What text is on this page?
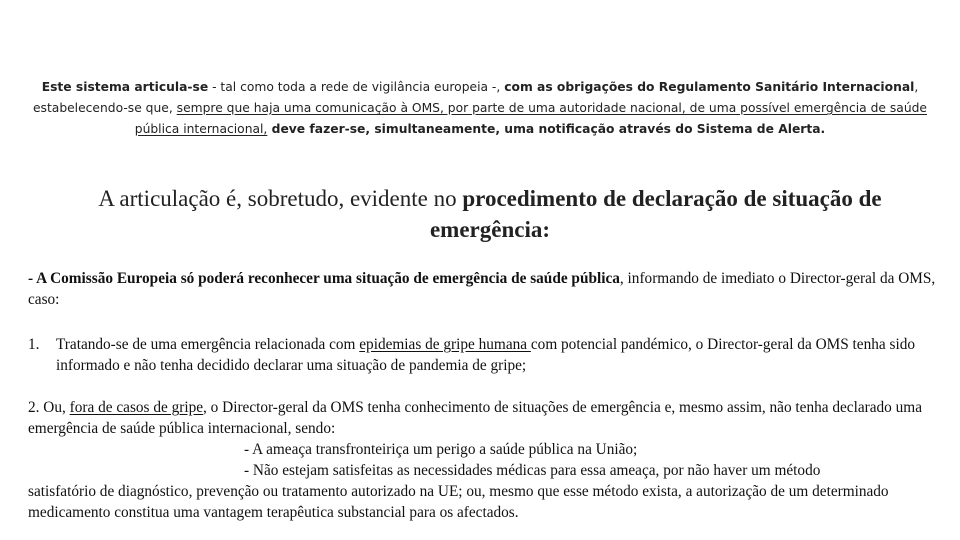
Este sistema articula-se - tal como toda a rede de vigilância europeia -, com as obrigações do Regulamento Sanitário Internacional, estabelecendo-se que, sempre que haja uma comunicação à OMS, por parte de uma autoridade nacional, de uma possível emergência de saúde pública internacional, deve fazer-se, simultaneamente, uma notificação através do Sistema de Alerta.
A articulação é, sobretudo, evidente no procedimento de declaração de situação de emergência:
- A Comissão Europeia só poderá reconhecer uma situação de emergência de saúde pública, informando de imediato o Director-geral da OMS, caso:
1.	Tratando-se de uma emergência relacionada com epidemias de gripe humana com potencial pandémico, o Director-geral da OMS tenha sido informado e não tenha decidido declarar uma situação de pandemia de gripe;
2. Ou, fora de casos de gripe, o Director-geral da OMS tenha conhecimento de situações de emergência e, mesmo assim, não tenha declarado uma emergência de saúde pública internacional, sendo:
- A ameaça transfronteiriça um perigo a saúde pública na União;
- Não estejam satisfeitas as necessidades médicas para essa ameaça, por não haver um método
satisfatório de diagnóstico, prevenção ou tratamento autorizado na UE; ou, mesmo que esse método exista, a autorização de um determinado medicamento constitua uma vantagem terapêutica substancial para os afectados.
